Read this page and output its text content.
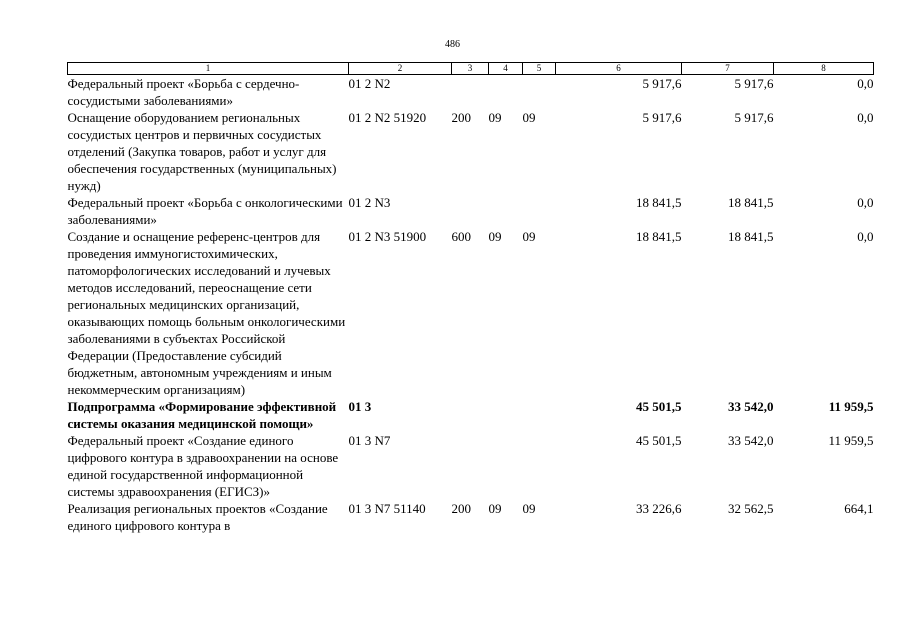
486
1	2	3	4	5	6	7	8
Федеральный проект «Борьба с сердечно-сосудистыми заболеваниями»	01 2 N2				5 917,6	5 917,6	0,0
Оснащение оборудованием региональных сосудистых центров и первичных сосудистых отделений (Закупка товаров, работ и услуг для обеспечения государственных (муниципальных) нужд)	01 2 N2 51920	200	09	09	5 917,6	5 917,6	0,0
Федеральный проект «Борьба с онкологическими заболеваниями»	01 2 N3				18 841,5	18 841,5	0,0
Создание и оснащение референс-центров для проведения иммуногистохимических, патоморфологических исследований и лучевых методов исследований, переоснащение сети региональных медицинских организаций, оказывающих помощь больным онкологическими заболеваниями в субъектах Российской Федерации (Предоставление субсидий бюджетным, автономным учреждениям и иным некоммерческим организациям)	01 2 N3 51900	600	09	09	18 841,5	18 841,5	0,0
Подпрограмма «Формирование эффективной системы оказания медицинской помощи»	01 3				45 501,5	33 542,0	11 959,5
Федеральный проект «Создание единого цифрового контура в здравоохранении на основе единой государственной информационной системы здравоохранения (ЕГИСЗ)»	01 3 N7				45 501,5	33 542,0	11 959,5
Реализация региональных проектов «Создание единого цифрового контура в	01 3 N7 51140	200	09	09	33 226,6	32 562,5	664,1
